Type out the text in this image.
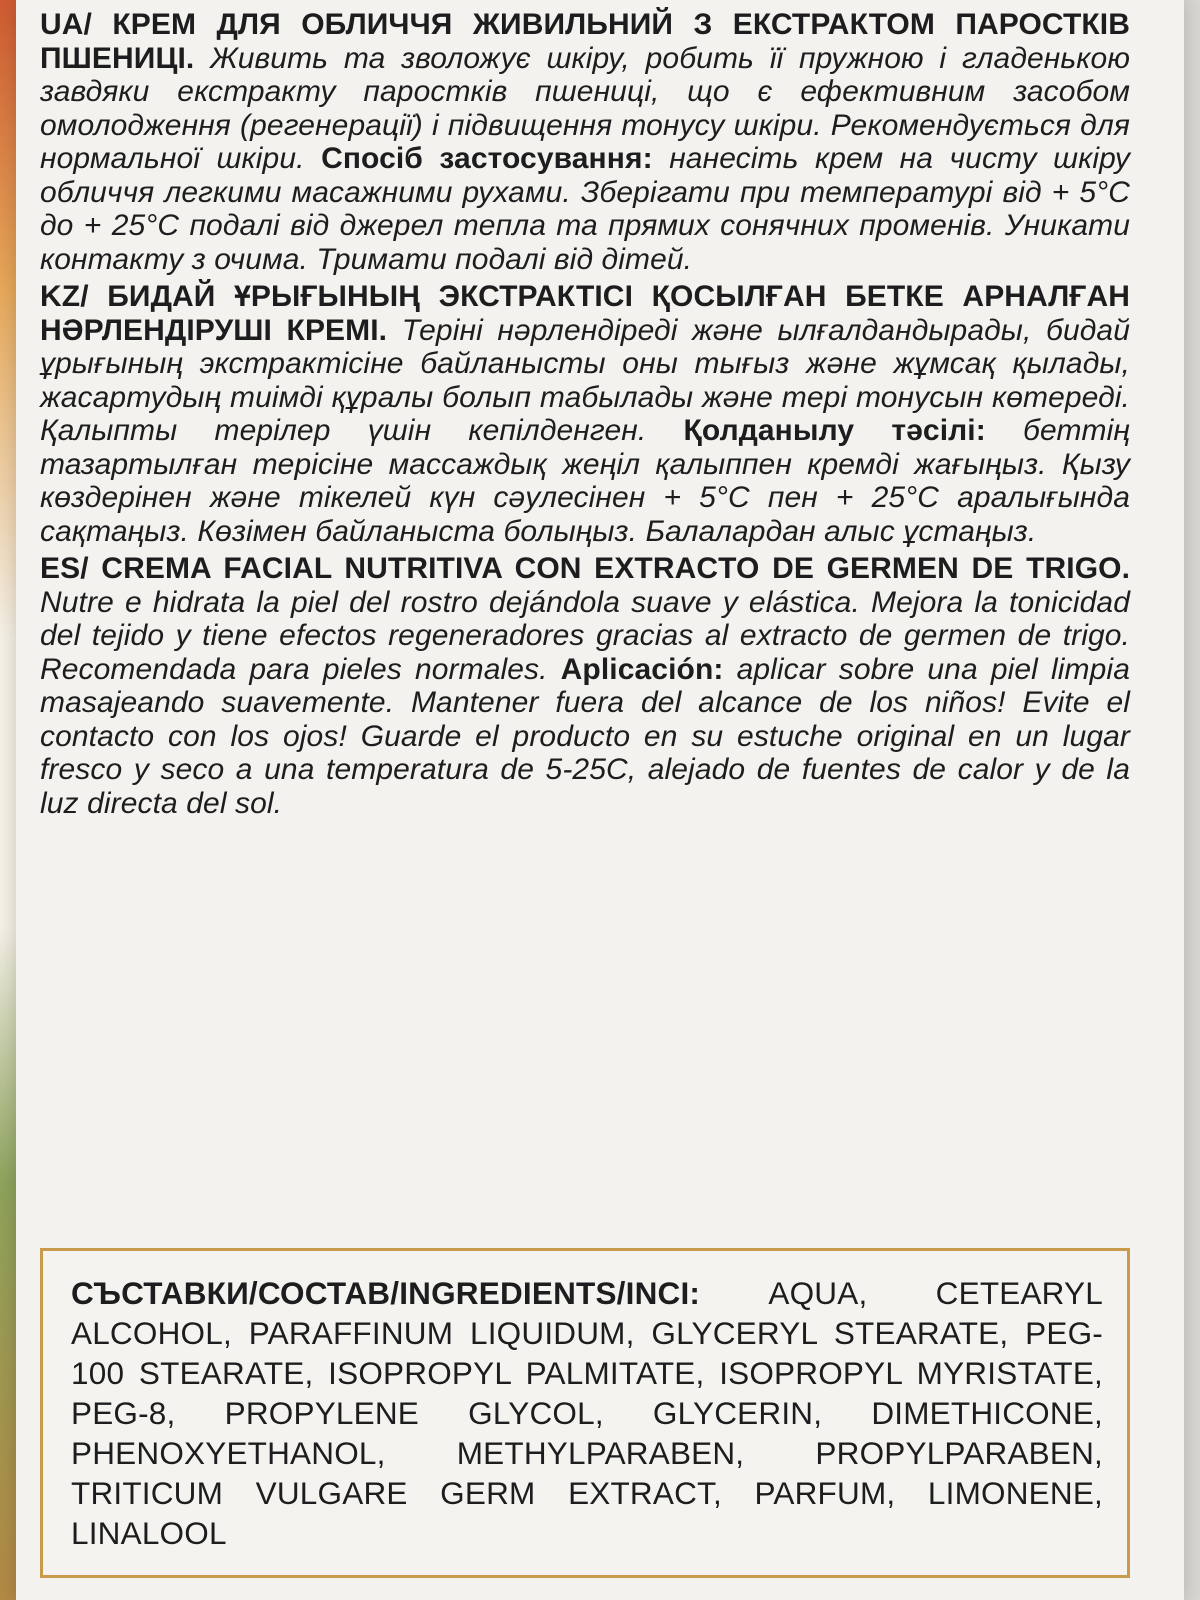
UA/ КРЕМ ДЛЯ ОБЛИЧЧЯ ЖИВИЛЬНИЙ З ЕКСТРАКТОМ ПАРОСТКІВ ПШЕНИЦІ. Живить та зволожує шкіру, робить її пружною і гладенькою завдяки екстракту паростків пшениці, що є ефективним засобом омолодження (регенерації) і підвищення тонусу шкіри. Рекомендується для нормальної шкіри. Спосіб застосування: нанесіть крем на чисту шкіру обличчя легкими масажними рухами. Зберігати при температурі від + 5°С до + 25°С подалі від джерел тепла та прямих сонячних променів. Уникати контакту з очима. Тримати подалі від дітей.

KZ/ БИДАЙ ҰРЫҒЫНЫҢ ЭКСТРАКТІСІ ҚОСЫЛҒАН БЕТКЕ АРНАЛҒАН НӘРЛЕНДІРУШІ КРЕМІ. Теріні нәрлендіреді және ылғалдандырады, бидай ұрығының экстрактісіне байланысты оны тығыз және жұмсақ қылады, жасартудың тиімді құралы болып табылады және тері тонусын көтереді. Қалыпты терілер үшін кепілденген. Қолданылу тәсілі: беттің тазартылған терісіне массаждық жеңіл қалыппен кремді жағыңыз. Қызу көздерінен және тікелей күн сәулесінен + 5°С пен + 25°С аралығында сақтаңыз. Көзімен байланыста болыңыз. Балалардан алыс ұстаңыз.

ES/ CREMA FACIAL NUTRITIVA CON EXTRACTO DE GERMEN DE TRIGO. Nutre e hidrata la piel del rostro dejándola suave y elástica. Mejora la tonicidad del tejido y tiene efectos regeneradores gracias al extracto de germen de trigo. Recomendada para pieles normales. Aplicación: aplicar sobre una piel limpia masajeando suavemente. Mantener fuera del alcance de los niños! Evite el contacto con los ojos! Guarde el producto en su estuche original en un lugar fresco y seco a una temperatura de 5-25C, alejado de fuentes de calor y de la luz directa del sol.

СЪСТАВКИ/СОСТАВ/INGREDIENTS/INCI: AQUA, CETEARYL ALCOHOL, PARAFFINUM LIQUIDUM, GLYCERYL STEARATE, PEG-100 STEARATE, ISOPROPYL PALMITATE, ISOPROPYL MYRISTATE, PEG-8, PROPYLENE GLYCOL, GLYCERIN, DIMETHICONE, PHENOXYETHANOL, METHYLPARABEN, PROPYLPARABEN, TRITICUM VULGARE GERM EXTRACT, PARFUM, LIMONENE, LINALOOL
